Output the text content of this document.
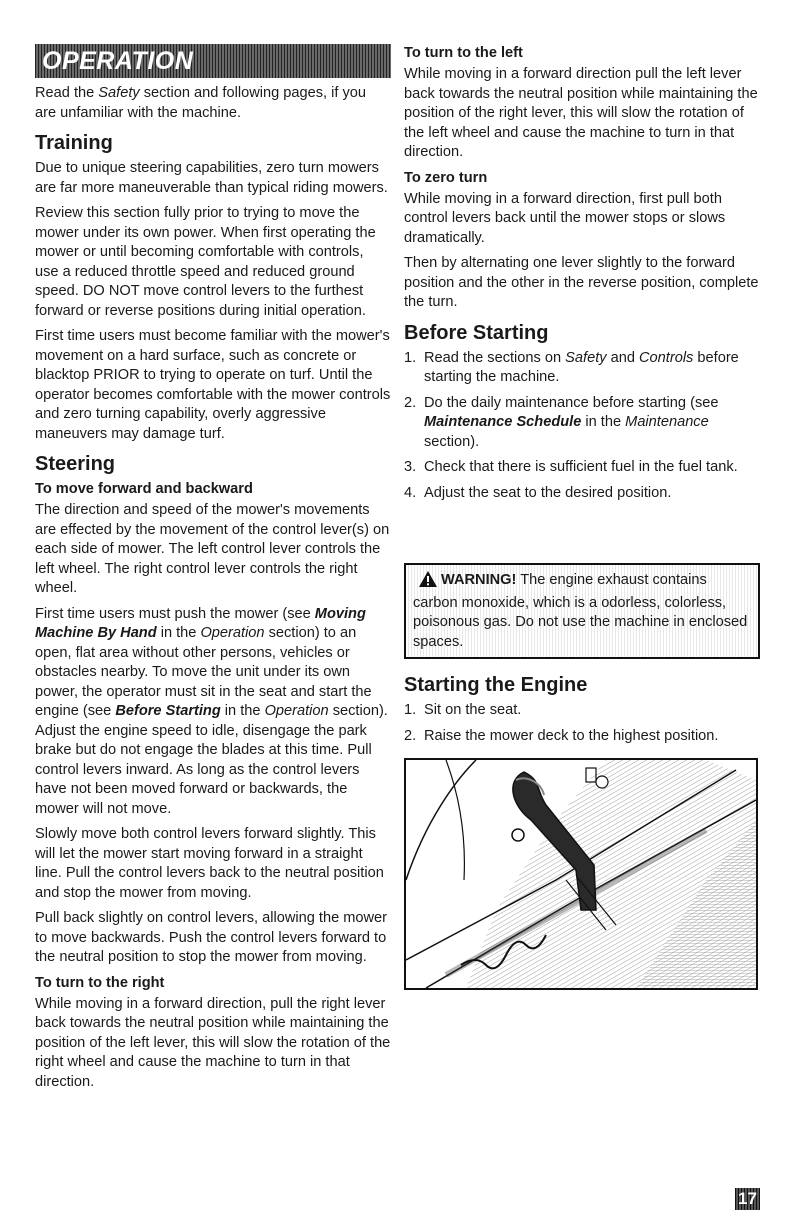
OPERATION

Read the Safety section and following pages, if you are unfamiliar with the machine.

Training

Due to unique steering capabilities, zero turn mowers are far more maneuverable than typical riding mowers.

Review this section fully prior to trying to move the mower under its own power. When first operating the mower or until becoming comfortable with controls, use a reduced throttle speed and reduced ground speed. DO NOT move control levers to the furthest forward or reverse positions during initial operation.

First time users must become familiar with the mower's movement on a hard surface, such as concrete or blacktop PRIOR to trying to operate on turf. Until the operator becomes comfortable with the mower controls and zero turning capability, overly aggressive maneuvers may damage turf.

Steering
To move forward and backward

The direction and speed of the mower's movements are effected by the movement of the control lever(s) on each side of mower. The left control lever controls the left wheel. The right control lever controls the right wheel.

First time users must push the mower (see Moving Machine By Hand in the Operation section) to an open, flat area without other persons, vehicles or obstacles nearby. To move the unit under its own power, the operator must sit in the seat and start the engine (see Before Starting in the Operation section). Adjust the engine speed to idle, disengage the park brake but do not engage the blades at this time. Pull control levers inward. As long as the control levers have not been moved forward or backwards, the mower will not move.

Slowly move both control levers forward slightly. This will let the mower start moving forward in a straight line. Pull the control levers back to the neutral position and stop the mower from moving.

Pull back slightly on control levers, allowing the mower to move backwards. Push the control levers forward to the neutral position to stop the mower from moving.

To turn to the right

While moving in a forward direction, pull the right lever back towards the neutral position while maintaining the position of the left lever, this will slow the rotation of the right wheel and cause the machine to turn in that direction.

To turn to the left

While moving in a forward direction pull the left lever back towards the neutral position while maintaining the position of the right lever, this will slow the rotation of the left wheel and cause the machine to turn in that direction.

To zero turn

While moving in a forward direction, first pull both control levers back until the mower stops or slows dramatically.

Then by alternating one lever slightly to the forward position and the other in the reverse position, complete the turn.

Before Starting
1. Read the sections on Safety and Controls before starting the machine.
2. Do the daily maintenance before starting (see Maintenance Schedule in the Maintenance section).
3. Check that there is sufficient fuel in the fuel tank.
4. Adjust the seat to the desired position.

WARNING! The engine exhaust contains carbon monoxide, which is a odorless, colorless, poisonous gas. Do not use the machine in enclosed spaces.

Starting the Engine
1. Sit on the seat.
2. Raise the mower deck to the highest position.
17
